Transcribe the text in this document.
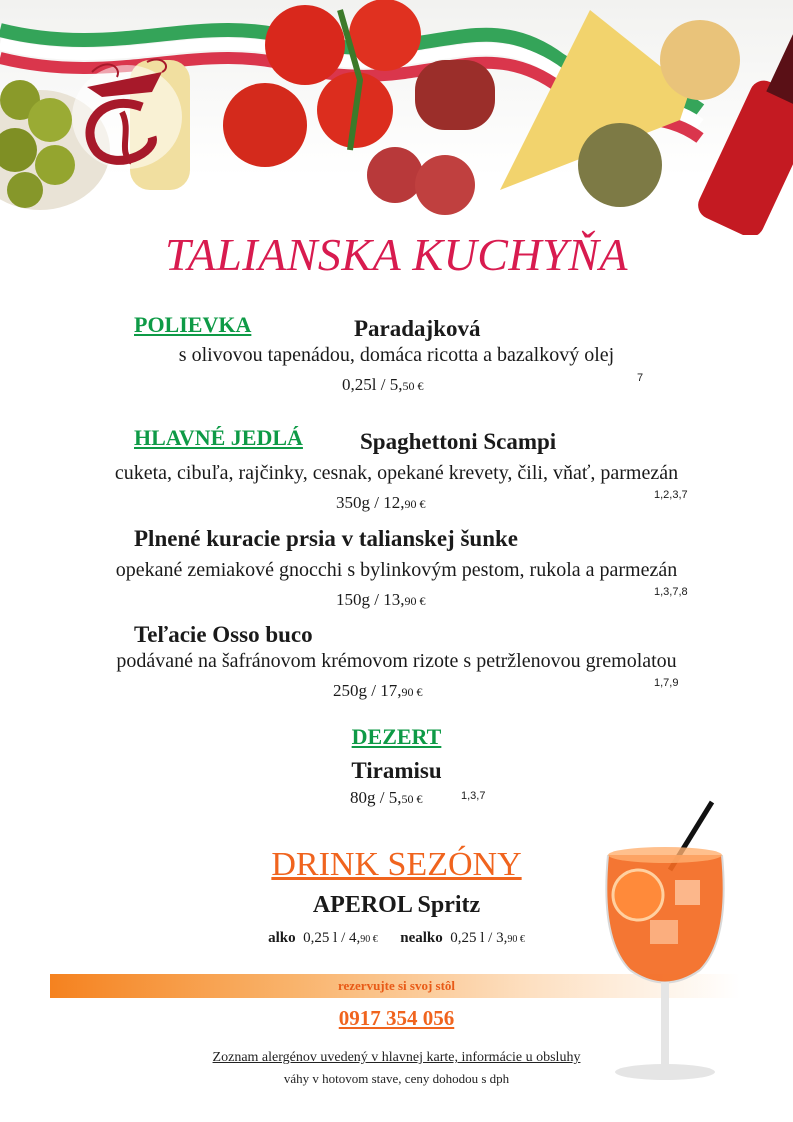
TALIANSKA KUCHYŇA
POLIEVKA	Paradajková
s olivovou tapenádou, domáca ricotta a bazalkový olej
0,25l / 5,50 €
7
HLAVNÉ JEDLÁ Spaghettoni Scampi
cuketa, cibuľa, rajčinky, cesnak, opekané krevety, čili, vňať, parmezán
350g / 12,90 €
1,2,3,7
Plnené kuracie prsia v talianskej šunke
opekané zemiakové gnocchi s bylinkovým pestom, rukola a parmezán
150g / 13,90 €
1,3,7,8
Teľacie Osso buco
podávané na šafránovom krémovom rizote s petržlenovou gremolatou
250g / 17,90 €
1,7,9
DEZERT
Tiramisu
80g / 5,50 €	1,3,7
DRINK SEZÓNY
APEROL Spritz
alko 0,25 l / 4,90 € nealko 0,25 l / 3,90 €
rezervujte si svoj stôl
0917 354 056
Zoznam alergénov uvedený v hlavnej karte, informácie u obsluhy
váhy v hotovom stave, ceny dohodou s dph
